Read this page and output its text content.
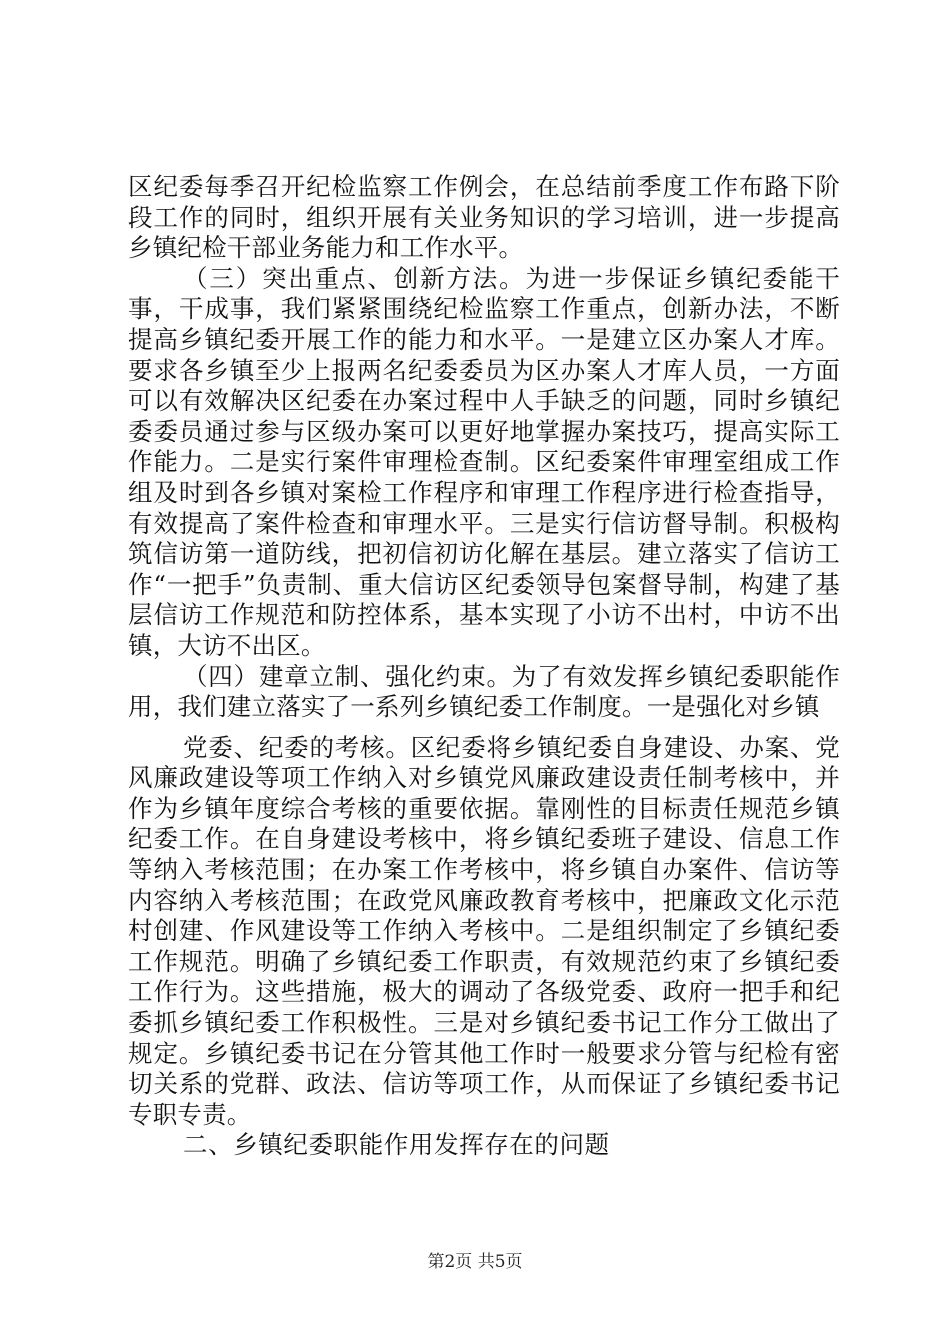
区纪委每季召开纪检监察工作例会，在总结前季度工作布路下阶段工作的同时，组织开展有关业务知识的学习培训，进一步提高乡镇纪检干部业务能力和工作水平。

（三）突出重点、创新方法。为进一步保证乡镇纪委能干事，干成事，我们紧紧围绕纪检监察工作重点，创新办法，不断提高乡镇纪委开展工作的能力和水平。一是建立区办案人才库。要求各乡镇至少上报两名纪委委员为区办案人才库人员，一方面可以有效解决区纪委在办案过程中人手缺乏的问题，同时乡镇纪委委员通过参与区级办案可以更好地掌握办案技巧，提高实际工作能力。二是实行案件审理检查制。区纪委案件审理室组成工作组及时到各乡镇对案检工作程序和审理工作程序进行检查指导，有效提高了案件检查和审理水平。三是实行信访督导制。积极构筑信访第一道防线，把初信初访化解在基层。建立落实了信访工作“一把手”负责制、重大信访区纪委领导包案督导制，构建了基层信访工作规范和防控体系，基本实现了小访不出村，中访不出镇，大访不出区。

（四）建章立制、强化约束。为了有效发挥乡镇纪委职能作用，我们建立落实了一系列乡镇纪委工作制度。一是强化对乡镇

党委、纪委的考核。区纪委将乡镇纪委自身建设、办案、党风廉政建设等项工作纳入对乡镇党风廉政建设责任制考核中，并作为乡镇年度综合考核的重要依据。靠刚性的目标责任规范乡镇纪委工作。在自身建设考核中，将乡镇纪委班子建设、信息工作等纳入考核范围；在办案工作考核中，将乡镇自办案件、信访等内容纳入考核范围；在政党风廉政教育考核中，把廉政文化示范村创建、作风建设等工作纳入考核中。二是组织制定了乡镇纪委工作规范。明确了乡镇纪委工作职责，有效规范约束了乡镇纪委工作行为。这些措施，极大的调动了各级党委、政府一把手和纪委抓乡镇纪委工作积极性。三是对乡镇纪委书记工作分工做出了规定。乡镇纪委书记在分管其他工作时一般要求分管与纪检有密切关系的党群、政法、信访等项工作，从而保证了乡镇纪委书记专职专责。

二、乡镇纪委职能作用发挥存在的问题

第2页 共5页
